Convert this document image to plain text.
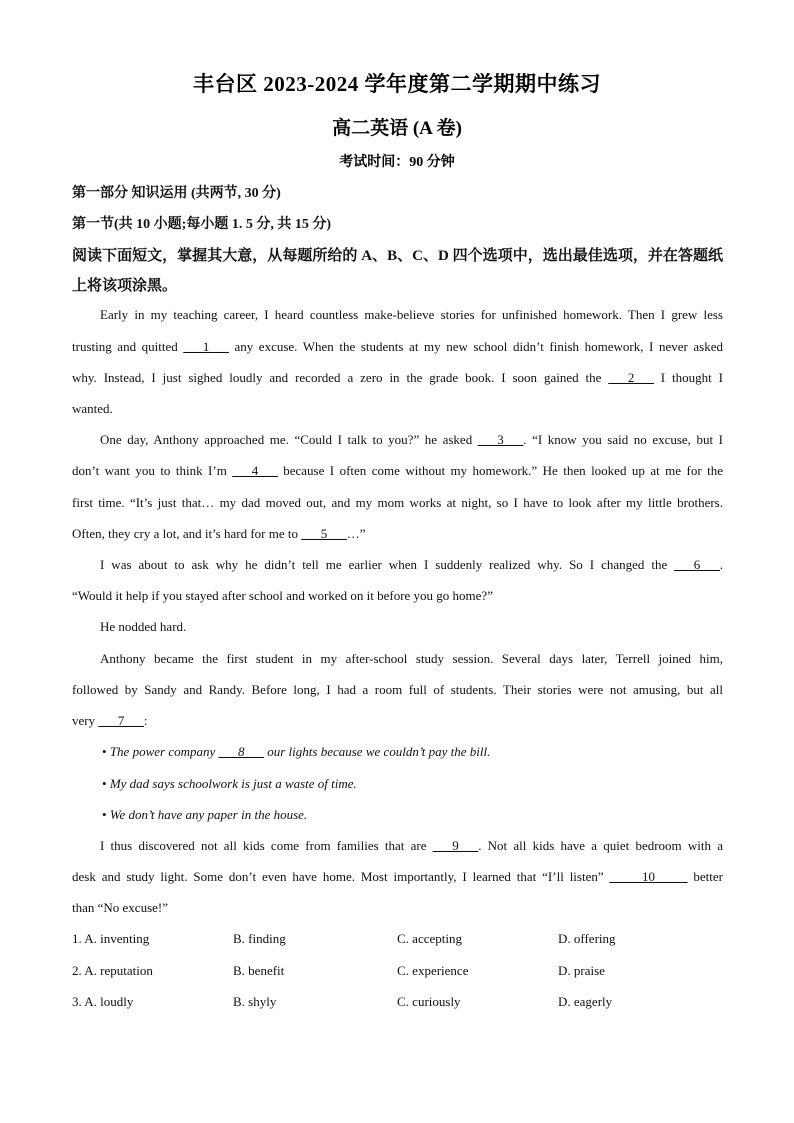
丰台区 2023-2024 学年度第二学期期中练习
高二英语 (A 卷)
考试时间：90 分钟
第一部分 知识运用 (共两节, 30 分)
第一节(共 10 小题;每小题 1. 5 分, 共 15 分)
阅读下面短文，掌握其大意，从每题所给的 A、B、C、D 四个选项中，选出最佳选项，并在答题纸上将该项涂黑。
Early in my teaching career, I heard countless make-believe stories for unfinished homework. Then I grew less
trusting and quitted ___1___ any excuse. When the students at my new school didn’t finish homework, I never asked
why. Instead, I just sighed loudly and recorded a zero in the grade book. I soon gained the ___2___ I thought I
wanted.
One day, Anthony approached me. “Could I talk to you?” he asked ___3___. “I know you said no excuse, but I
don’t want you to think I’m ___4___ because I often come without my homework.” He then looked up at me for the
first time. “It’s just that… my dad moved out, and my mom works at night, so I have to look after my little brothers.
Often, they cry a lot, and it’s hard for me to ___5___…”
I was about to ask why he didn’t tell me earlier when I suddenly realized why. So I changed the ___6___.
“Would it help if you stayed after school and worked on it before you go home?”
He nodded hard.
Anthony became the first student in my after-school study session. Several days later, Terrell joined him,
followed by Sandy and Randy. Before long, I had a room full of students. Their stories were not amusing, but all
very ___7___:
• The power company ___8___ our lights because we couldn’t pay the bill.
• My dad says schoolwork is just a waste of time.
• We don’t have any paper in the house.
I thus discovered not all kids come from families that are ___9___. Not all kids have a quiet bedroom with a
desk and study light. Some don’t even have home. Most importantly, I learned that “I’ll listen” _____10_____ better
than “No excuse!”
1. A. inventing	B. finding	C. accepting	D. offering
2. A. reputation	B. benefit	C. experience	D. praise
3. A. loudly	B. shyly	C. curiously	D. eagerly
